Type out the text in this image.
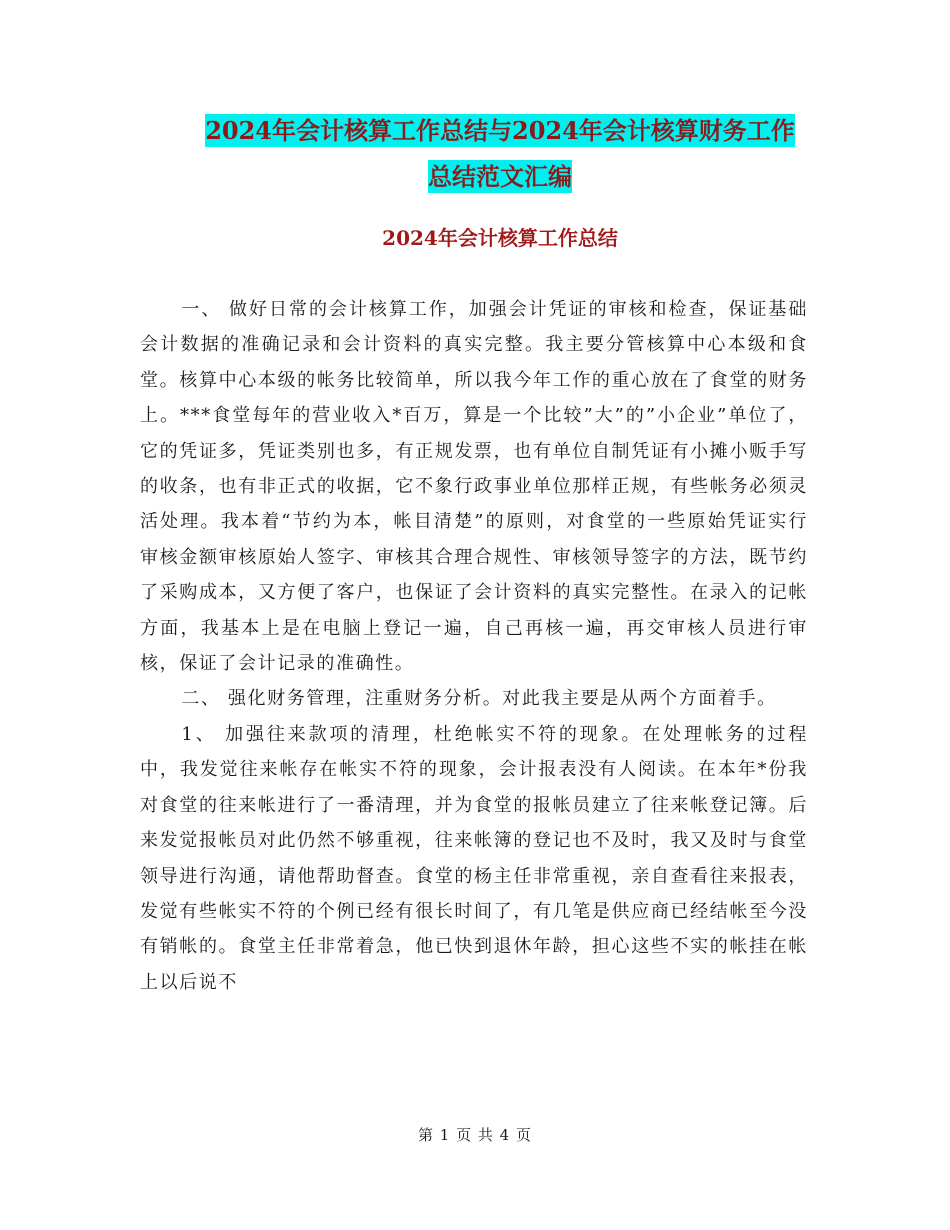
2024年会计核算工作总结与2024年会计核算财务工作
总结范文汇编
2024年会计核算工作总结

一、 做好日常的会计核算工作，加强会计凭证的审核和检查，保证基础会计数据的准确记录和会计资料的真实完整。我主要分管核算中心本级和食堂。核算中心本级的帐务比较简单，所以我今年工作的重心放在了食堂的财务上。***食堂每年的营业收入*百万，算是一个比较”大”的”小企业”单位了，它的凭证多，凭证类别也多，有正规发票，也有单位自制凭证有小摊小贩手写的收条，也有非正式的收据，它不象行政事业单位那样正规，有些帐务必须灵活处理。我本着“节约为本，帐目清楚”的原则，对食堂的一些原始凭证实行审核金额审核原始人签字、审核其合理合规性、审核领导签字的方法，既节约了采购成本，又方便了客户，也保证了会计资料的真实完整性。在录入的记帐方面，我基本上是在电脑上登记一遍，自己再核一遍，再交审核人员进行审核，保证了会计记录的准确性。

二、 强化财务管理，注重财务分析。对此我主要是从两个方面着手。

1、 加强往来款项的清理，杜绝帐实不符的现象。在处理帐务的过程中，我发觉往来帐存在帐实不符的现象，会计报表没有人阅读。在本年*份我对食堂的往来帐进行了一番清理，并为食堂的报帐员建立了往来帐登记簿。后来发觉报帐员对此仍然不够重视，往来帐簿的登记也不及时，我又及时与食堂领导进行沟通，请他帮助督查。食堂的杨主任非常重视，亲自查看往来报表，发觉有些帐实不符的个例已经有很长时间了，有几笔是供应商已经结帐至今没有销帐的。食堂主任非常着急，他已快到退休年龄，担心这些不实的帐挂在帐上以后说不

第 1 页 共 4 页
